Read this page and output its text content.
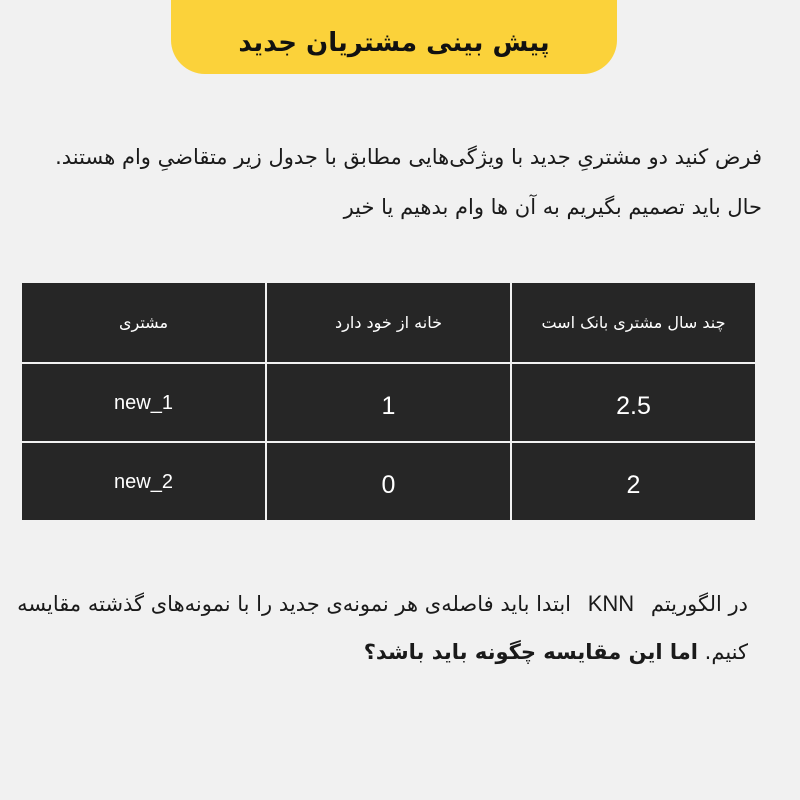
پیش بینی مشتریان جدید

فرض کنید دو مشتریِ جدید با ویژگی‌هایی مطابق با جدول زیر متقاضیِ وام هستند. حال باید تصمیم بگیریم به آن ها وام بدهیم یا خیر

چند سال مشتری بانک است	خانه از خود دارد	مشتری
2.5	1	new_1
2	0	new_2

در الگوریتم KNN ابتدا باید فاصله‌ی هر نمونه‌ی جدید را با نمونه‌های گذشته مقایسه کنیم. اما این مقایسه چگونه باید باشد؟
